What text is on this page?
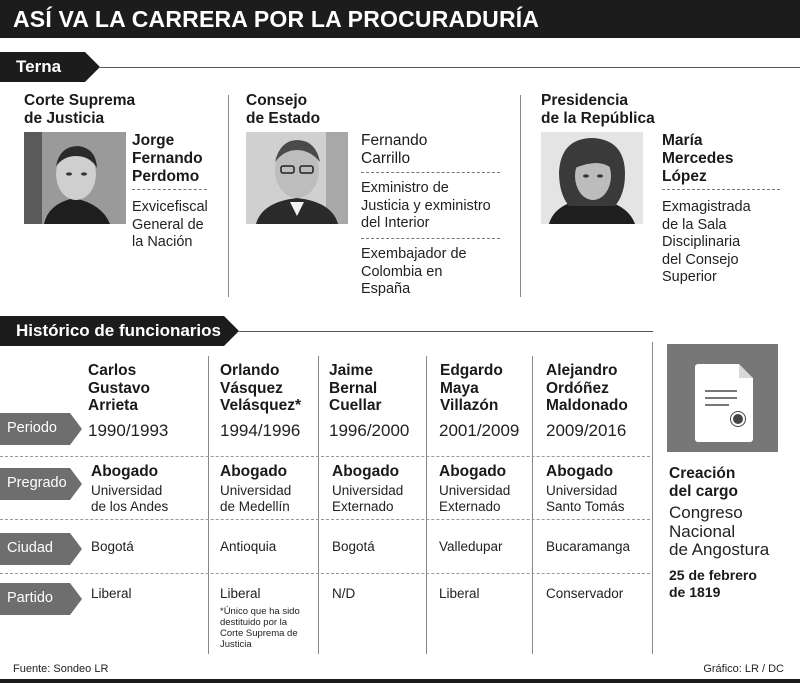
ASÍ VA LA CARRERA POR LA PROCURADURÍA
Terna
Corte Suprema
de Justicia
Jorge
Fernando
Perdomo
Exvicefiscal
General de
la Nación
Consejo
de Estado
Fernando
Carrillo
Exministro de
Justicia y exministro
del Interior
Exembajador de
Colombia en
España
Presidencia
de la República
María
Mercedes
López
Exmagistrada
de la Sala
Disciplinaria
del Consejo
Superior
Histórico de funcionarios
Periodo
Pregrado
Ciudad
Partido
Carlos
Gustavo
Arrieta
1990/1993
Abogado
Universidad
de los Andes
Bogotá
Liberal
Orlando
Vásquez
Velásquez*
1994/1996
Abogado
Universidad
de Medellín
Antioquia
Liberal
*Único que ha sido
destituido por la
Corte Suprema de
Justicia
Jaime
Bernal
Cuellar
1996/2000
Abogado
Universidad
Externado
Bogotá
N/D
Edgardo
Maya
Villazón
2001/2009
Abogado
Universidad
Externado
Valledupar
Liberal
Alejandro
Ordóñez
Maldonado
2009/2016
Abogado
Universidad
Santo Tomás
Bucaramanga
Conservador
Creación
del cargo
Congreso
Nacional
de Angostura
25 de febrero
de 1819
Fuente: Sondeo LR	Gráfico: LR / DC
